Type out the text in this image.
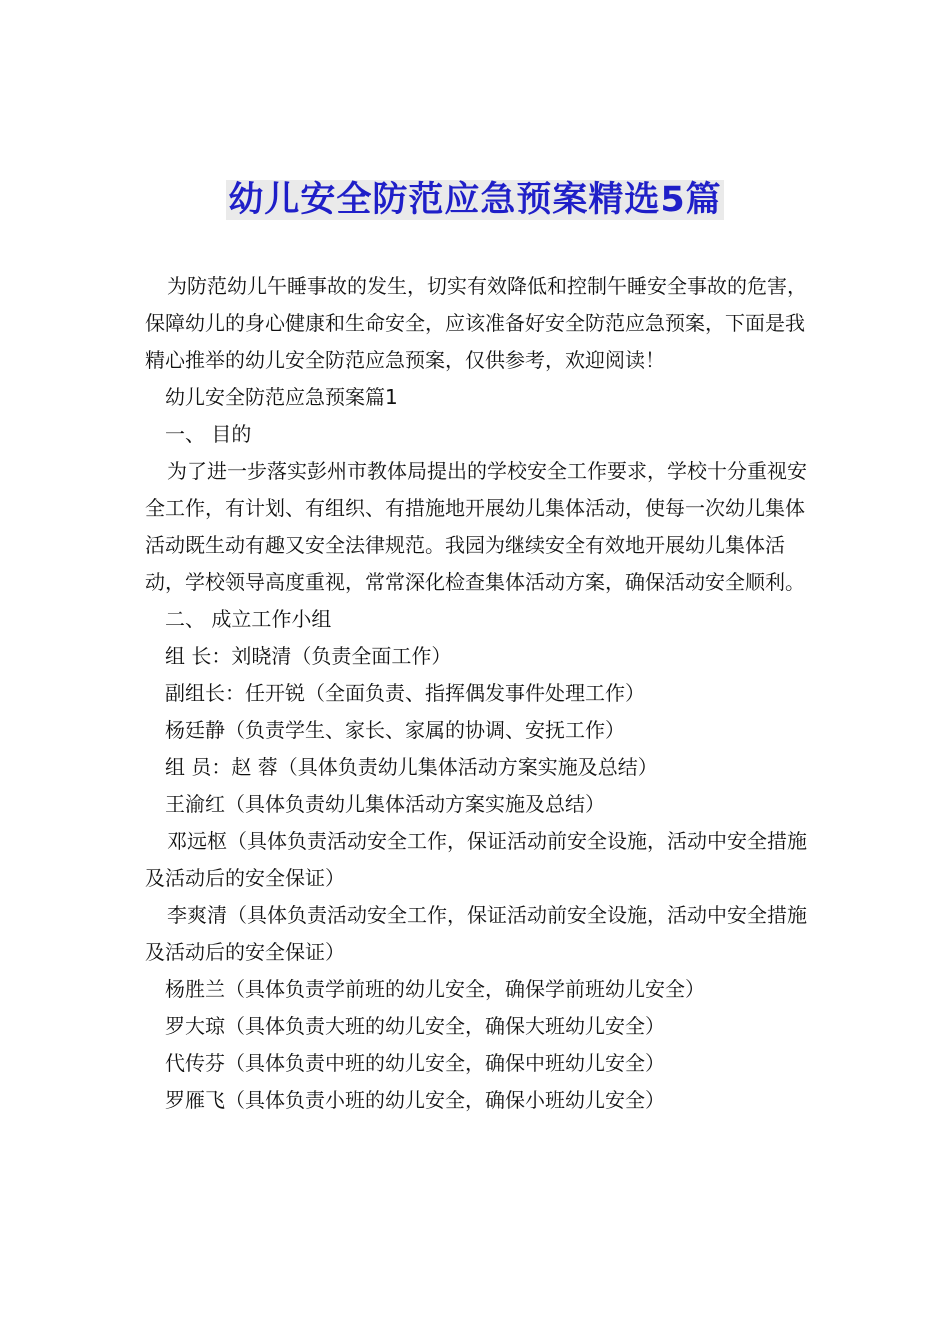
幼儿安全防范应急预案精选5篇

为防范幼儿午睡事故的发生，切实有效降低和控制午睡安全事故的危害，保障幼儿的身心健康和生命安全，应该准备好安全防范应急预案，下面是我精心推举的幼儿安全防范应急预案，仅供参考，欢迎阅读！

幼儿安全防范应急预案篇1

一、 目的

为了进一步落实彭州市教体局提出的学校安全工作要求，学校十分重视安全工作，有计划、有组织、有措施地开展幼儿集体活动，使每一次幼儿集体活动既生动有趣又安全法律规范。我园为继续安全有效地开展幼儿集体活动，学校领导高度重视，常常深化检查集体活动方案，确保活动安全顺利。

二、 成立工作小组

组 长：刘晓清（负责全面工作）

副组长：任开锐（全面负责、指挥偶发事件处理工作）

杨廷静（负责学生、家长、家属的协调、安抚工作）

组 员：赵 蓉（具体负责幼儿集体活动方案实施及总结）

王渝红（具体负责幼儿集体活动方案实施及总结）

邓远枢（具体负责活动安全工作，保证活动前安全设施，活动中安全措施及活动后的安全保证）

李爽清（具体负责活动安全工作，保证活动前安全设施，活动中安全措施及活动后的安全保证）

杨胜兰（具体负责学前班的幼儿安全，确保学前班幼儿安全）

罗大琼（具体负责大班的幼儿安全，确保大班幼儿安全）

代传芬（具体负责中班的幼儿安全，确保中班幼儿安全）

罗雁飞（具体负责小班的幼儿安全，确保小班幼儿安全）
